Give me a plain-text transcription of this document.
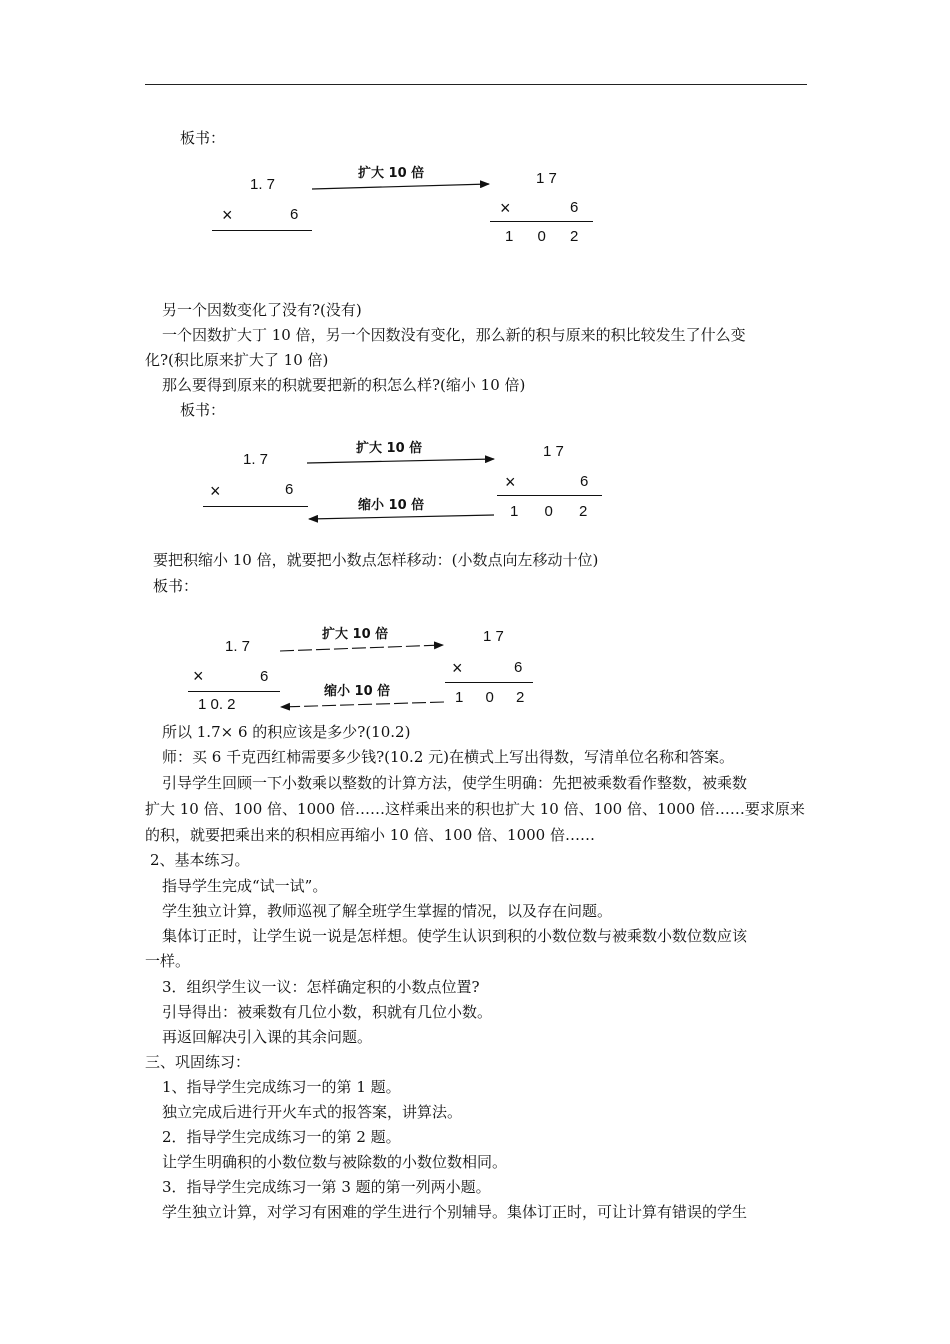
板书：
1. 7
×	6
扩大 10 倍	1 7
×	6
1 0 2
另一个因数变化了没有?(没有)
一个因数扩大丁 10 倍，另一个因数没有变化，那么新的积与原来的积比较发生了什么变
化?(积比原来扩大了 10 倍)
那么要得到原来的积就要把新的积怎么样?(缩小 10 倍)
板书：
1. 7
×	6
扩大 10 倍
缩小 10 倍
1 7
×	6
1 0 2
要把积缩小 10 倍，就要把小数点怎样移动：(小数点向左移动十位)
板书：
1. 7
×	6
1 0. 2
扩大 10 倍
缩小 10 倍
1 7
×	6
1 0 2
所以 1.7× 6 的积应该是多少?(10.2)
师：买 6 千克西红柿需要多少钱?(10.2 元)在横式上写出得数，写清单位名称和答案。
引导学生回顾一下小数乘以整数的计算方法，使学生明确：先把被乘数看作整数，被乘数
扩大 10 倍、100 倍、1000 倍……这样乘出来的积也扩大 10 倍、100 倍、1000 倍……要求原来
的积，就要把乘出来的积相应再缩小 10 倍、100 倍、1000 倍……
2、基本练习。
指导学生完成“试一试”。
学生独立计算，教师巡视了解全班学生掌握的情况，以及存在问题。
集体订正时，让学生说一说是怎样想。使学生认识到积的小数位数与被乘数小数位数应该
一样。
3．组织学生议一议：怎样确定积的小数点位置?
引导得出：被乘数有几位小数，积就有几位小数。
再返回解决引入课的其余问题。
三、巩固练习：
1、指导学生完成练习一的第 1 题。
独立完成后进行开火车式的报答案，讲算法。
2．指导学生完成练习一的第 2 题。
让学生明确积的小数位数与被除数的小数位数相同。
3．指导学生完成练习一第 3 题的第一列两小题。
学生独立计算，对学习有困难的学生进行个别辅导。集体订正时，可让计算有错误的学生
